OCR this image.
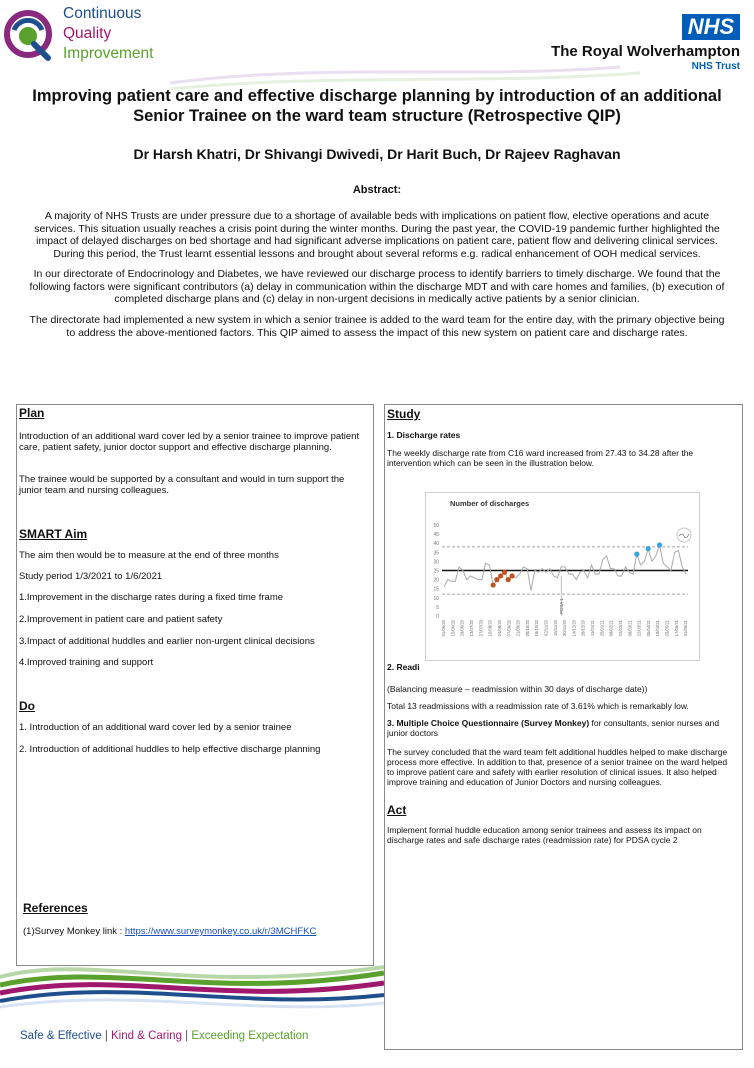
Continuous
Quality
Improvement
NHS
The Royal Wolverhampton
NHS Trust
Improving patient care and effective discharge planning by introduction of an additional Senior Trainee on the ward team structure (Retrospective QIP)
Dr Harsh Khatri, Dr Shivangi Dwivedi, Dr Harit Buch, Dr Rajeev Raghavan
Abstract:
A majority of NHS Trusts are under pressure due to a shortage of available beds with implications on patient flow, elective operations and acute services. This situation usually reaches a crisis point during the winter months. During the past year, the COVID-19 pandemic further highlighted the impact of delayed discharges on bed shortage and had significant adverse implications on patient care, patient flow and delivering clinical services. During this period, the Trust learnt essential lessons and brought about several reforms e.g. radical enhancement of OOH medical services.
In our directorate of Endocrinology and Diabetes, we have reviewed our discharge process to identify barriers to timely discharge. We found that the following factors were significant contributors (a) delay in communication within the discharge MDT and with care homes and families, (b) execution of completed discharge plans and (c) delay in non-urgent decisions in medically active patients by a senior clinician.
The directorate had implemented a new system in which a senior trainee is added to the ward team for the entire day, with the primary objective being to address the above-mentioned factors. This QIP aimed to assess the impact of this new system on patient care and discharge rates.
Plan
Introduction of an additional ward cover led by a senior trainee to improve patient care, patient safety, junior doctor support and effective discharge planning.
The trainee would be supported by a consultant and would in turn support the junior team and nursing colleagues.
SMART Aim
The aim then would be to measure at the end of three months
Study period 1/3/2021 to 1/6/2021
1.Improvement in the discharge rates during a fixed time frame
2.Improvement in patient care and patient safety
3.Impact of additional huddles and earlier non-urgent clinical decisions
4.Improved training and support
Do
1. Introduction of an additional ward cover led by a senior trainee
2. Introduction of additional huddles to help effective discharge planning
References
(1)Survey Monkey link : https://www.surveymonkey.co.uk/r/3MCHFKC
Study
1. Discharge rates
The weekly discharge rate from C16 ward increased from 27.43 to 34.28 after the intervention which can be seen in the illustration below.
Number of discharges
0
5
10
15
20
25
30
35
40
45
50
01/06/20 15/06/20 29/06/20 13/07/20 27/07/20 10/08/20 24/08/20 07/09/20 21/09/20 05/10/20 19/10/20 02/11/20 16/11/20 30/11/20 14/12/20 28/12/20 11/01/21 25/01/21 08/02/21 22/02/21 08/03/21 22/03/21 05/04/21 19/04/21 03/05/21 17/05/21 31/05/21
PDSA 1
2. Readi
(Balancing measure – readmission within 30 days of discharge date))
Total 13 readmissions with a readmission rate of 3.61% which is remarkably low.
3. Multiple Choice Questionnaire (Survey Monkey) for consultants, senior nurses and junior doctors
The survey concluded that the ward team felt additional huddles helped to make discharge process more effective. In addition to that, presence of a senior trainee on the ward helped to improve patient care and safety with earlier resolution of clinical issues. It also helped improve training and education of Junior Doctors and nursing colleagues.
Act
Implement formal huddle education among senior trainees and assess its impact on discharge rates and safe discharge rates (readmission rate) for PDSA cycle 2
Safe & Effective | Kind & Caring | Exceeding Expectation
